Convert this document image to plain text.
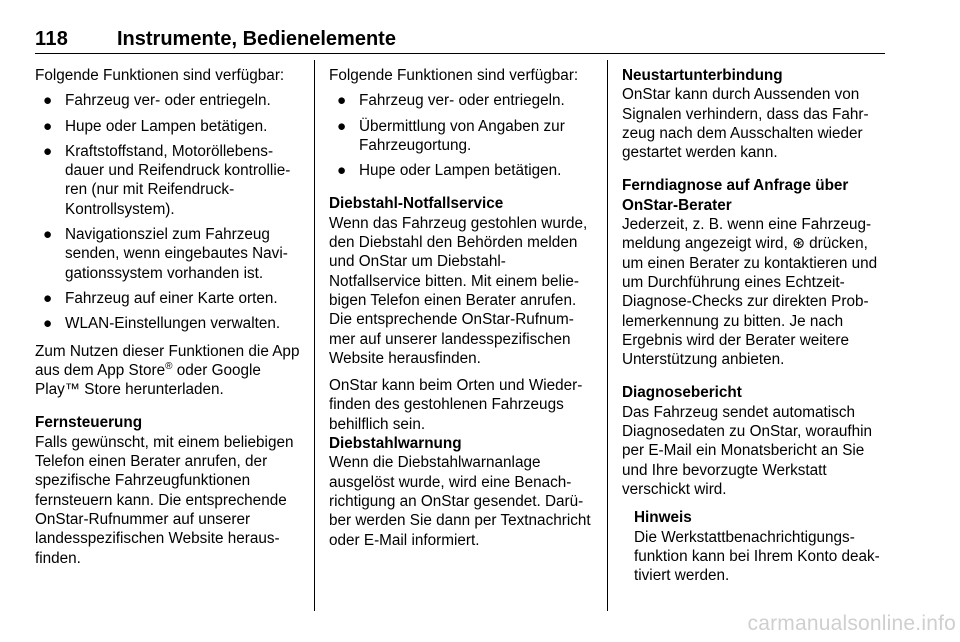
118 Instrumente, Bedienelemente

Folgende Funktionen sind verfügbar:

● Fahrzeug ver- oder entriegeln.
● Hupe oder Lampen betätigen.
● Kraftstoffstand, Motoröllebensdauer und Reifendruck kontrollieren (nur mit Reifendruck-Kontrollsystem).
● Navigationsziel zum Fahrzeug senden, wenn eingebautes Navigationssystem vorhanden ist.
● Fahrzeug auf einer Karte orten.
● WLAN-Einstellungen verwalten.

Zum Nutzen dieser Funktionen die App aus dem App Store® oder Google Play™ Store herunterladen.

Fernsteuerung

Falls gewünscht, mit einem beliebigen Telefon einen Berater anrufen, der spezifische Fahrzeugfunktionen fernsteuern kann. Die entsprechende OnStar-Rufnummer auf unserer landesspezifischen Website herausfinden.

Folgende Funktionen sind verfügbar:

● Fahrzeug ver- oder entriegeln.
● Übermittlung von Angaben zur Fahrzeugortung.
● Hupe oder Lampen betätigen.

Diebstahl-Notfallservice

Wenn das Fahrzeug gestohlen wurde, den Diebstahl den Behörden melden und OnStar um Diebstahl-Notfallservice bitten. Mit einem beliebigen Telefon einen Berater anrufen. Die entsprechende OnStar-Rufnummer auf unserer landesspezifischen Website herausfinden.

OnStar kann beim Orten und Wiederfinden des gestohlenen Fahrzeugs behilflich sein.

Diebstahlwarnung

Wenn die Diebstahlwarnanlage ausgelöst wurde, wird eine Benachrichtigung an OnStar gesendet. Darüber werden Sie dann per Textnachricht oder E-Mail informiert.

Neustartunterbindung

OnStar kann durch Aussenden von Signalen verhindern, dass das Fahrzeug nach dem Ausschalten wieder gestartet werden kann.

Ferndiagnose auf Anfrage über OnStar-Berater

Jederzeit, z. B. wenn eine Fahrzeugmeldung angezeigt wird, ⊛ drücken, um einen Berater zu kontaktieren und um Durchführung eines Echtzeit-Diagnose-Checks zur direkten Problemerkennung zu bitten. Je nach Ergebnis wird der Berater weitere Unterstützung anbieten.

Diagnosebericht

Das Fahrzeug sendet automatisch Diagnosedaten zu OnStar, woraufhin per E-Mail ein Monatsbericht an Sie und Ihre bevorzugte Werkstatt verschickt wird.

Hinweis

Die Werkstattbenachrichtigungsfunktion kann bei Ihrem Konto deaktiviert werden.

carmanualsonline.info
